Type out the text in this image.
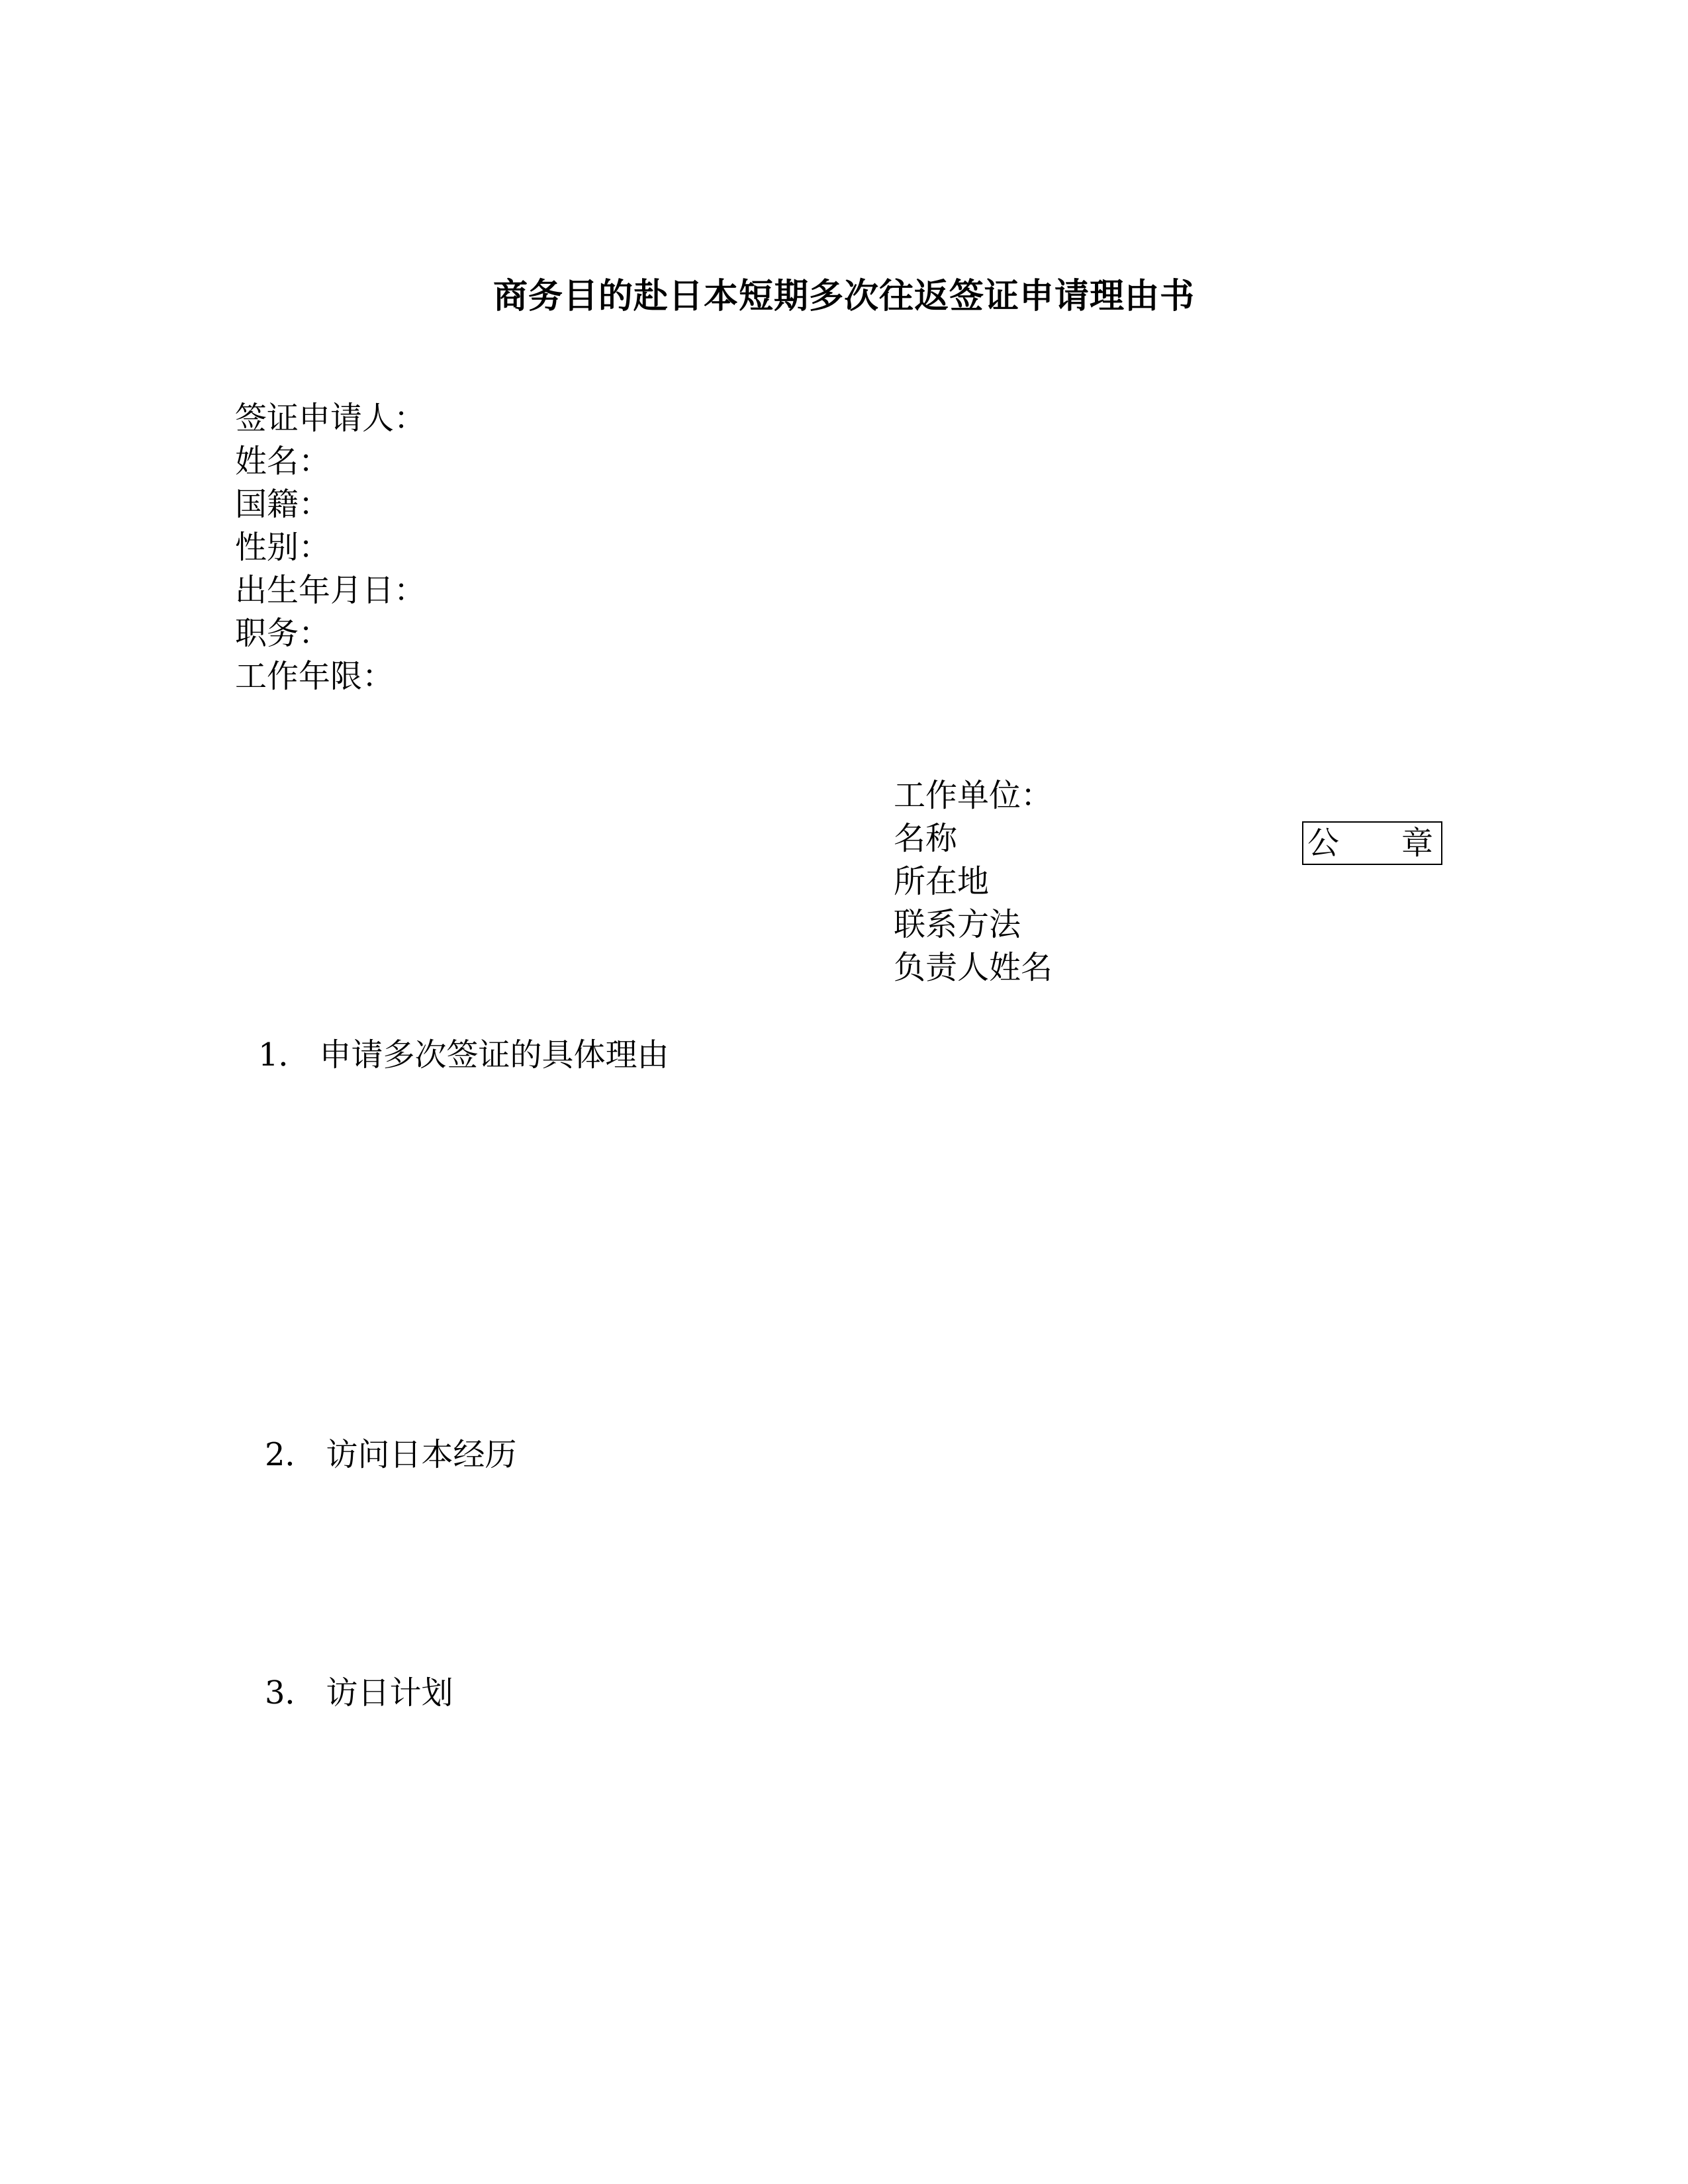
商务目的赴日本短期多次往返签证申请理由书
签证申请人：
姓名：
国籍：
性别：
出生年月日：
职务：
工作年限：
工作单位：
名称
所在地
联系方法
负责人姓名
公 章
1． 申请多次签证的具体理由
2． 访问日本经历
3． 访日计划
